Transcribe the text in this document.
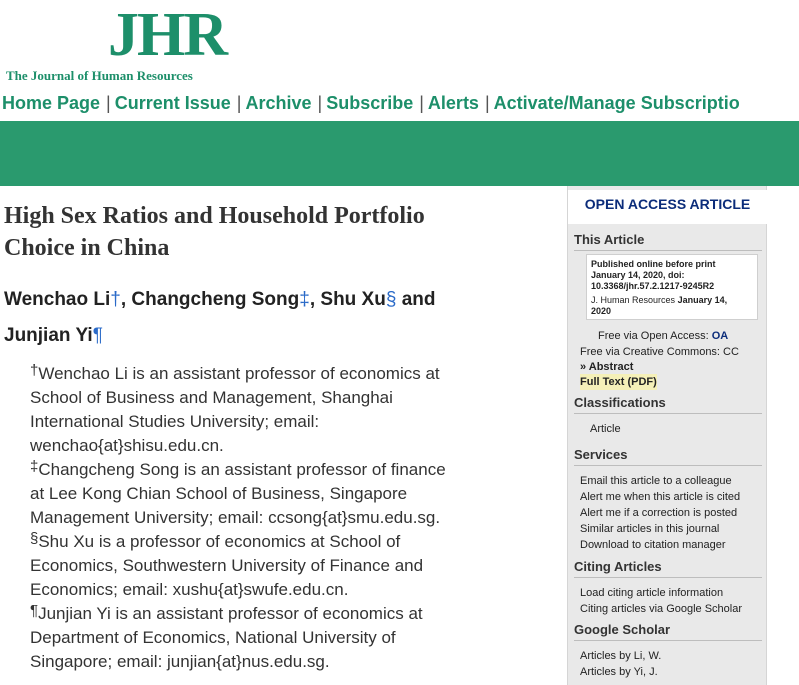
JHR
The Journal of Human Resources
Home Page | Current Issue | Archive | Subscribe | Alerts | Activate/Manage Subscriptio
High Sex Ratios and Household Portfolio
Choice in China
Wenchao Li†, Changcheng Song‡, Shu Xu§ and
Junjian Yi¶
†Wenchao Li is an assistant professor of economics at
School of Business and Management, Shanghai
International Studies University; email:
wenchao{at}shisu.edu.cn.
‡Changcheng Song is an assistant professor of finance
at Lee Kong Chian School of Business, Singapore
Management University; email: ccsong{at}smu.edu.sg.
§Shu Xu is a professor of economics at School of
Economics, Southwestern University of Finance and
Economics; email: xushu{at}swufe.edu.cn.
¶Junjian Yi is an assistant professor of economics at
Department of Economics, National University of
Singapore; email: junjian{at}nus.edu.sg.
OPEN ACCESS ARTICLE
This Article
Published online before print
January 14, 2020, doi:
10.3368/jhr.57.2.1217-9245R2
J. Human Resources January 14,
2020
Free via Open Access: OA
Free via Creative Commons: CC
» Abstract
Full Text (PDF)
Classifications
Article
Services
Email this article to a colleague
Alert me when this article is cited
Alert me if a correction is posted
Similar articles in this journal
Download to citation manager
Citing Articles
Load citing article information
Citing articles via Google Scholar
Google Scholar
Articles by Li, W.
Articles by Yi, J.
